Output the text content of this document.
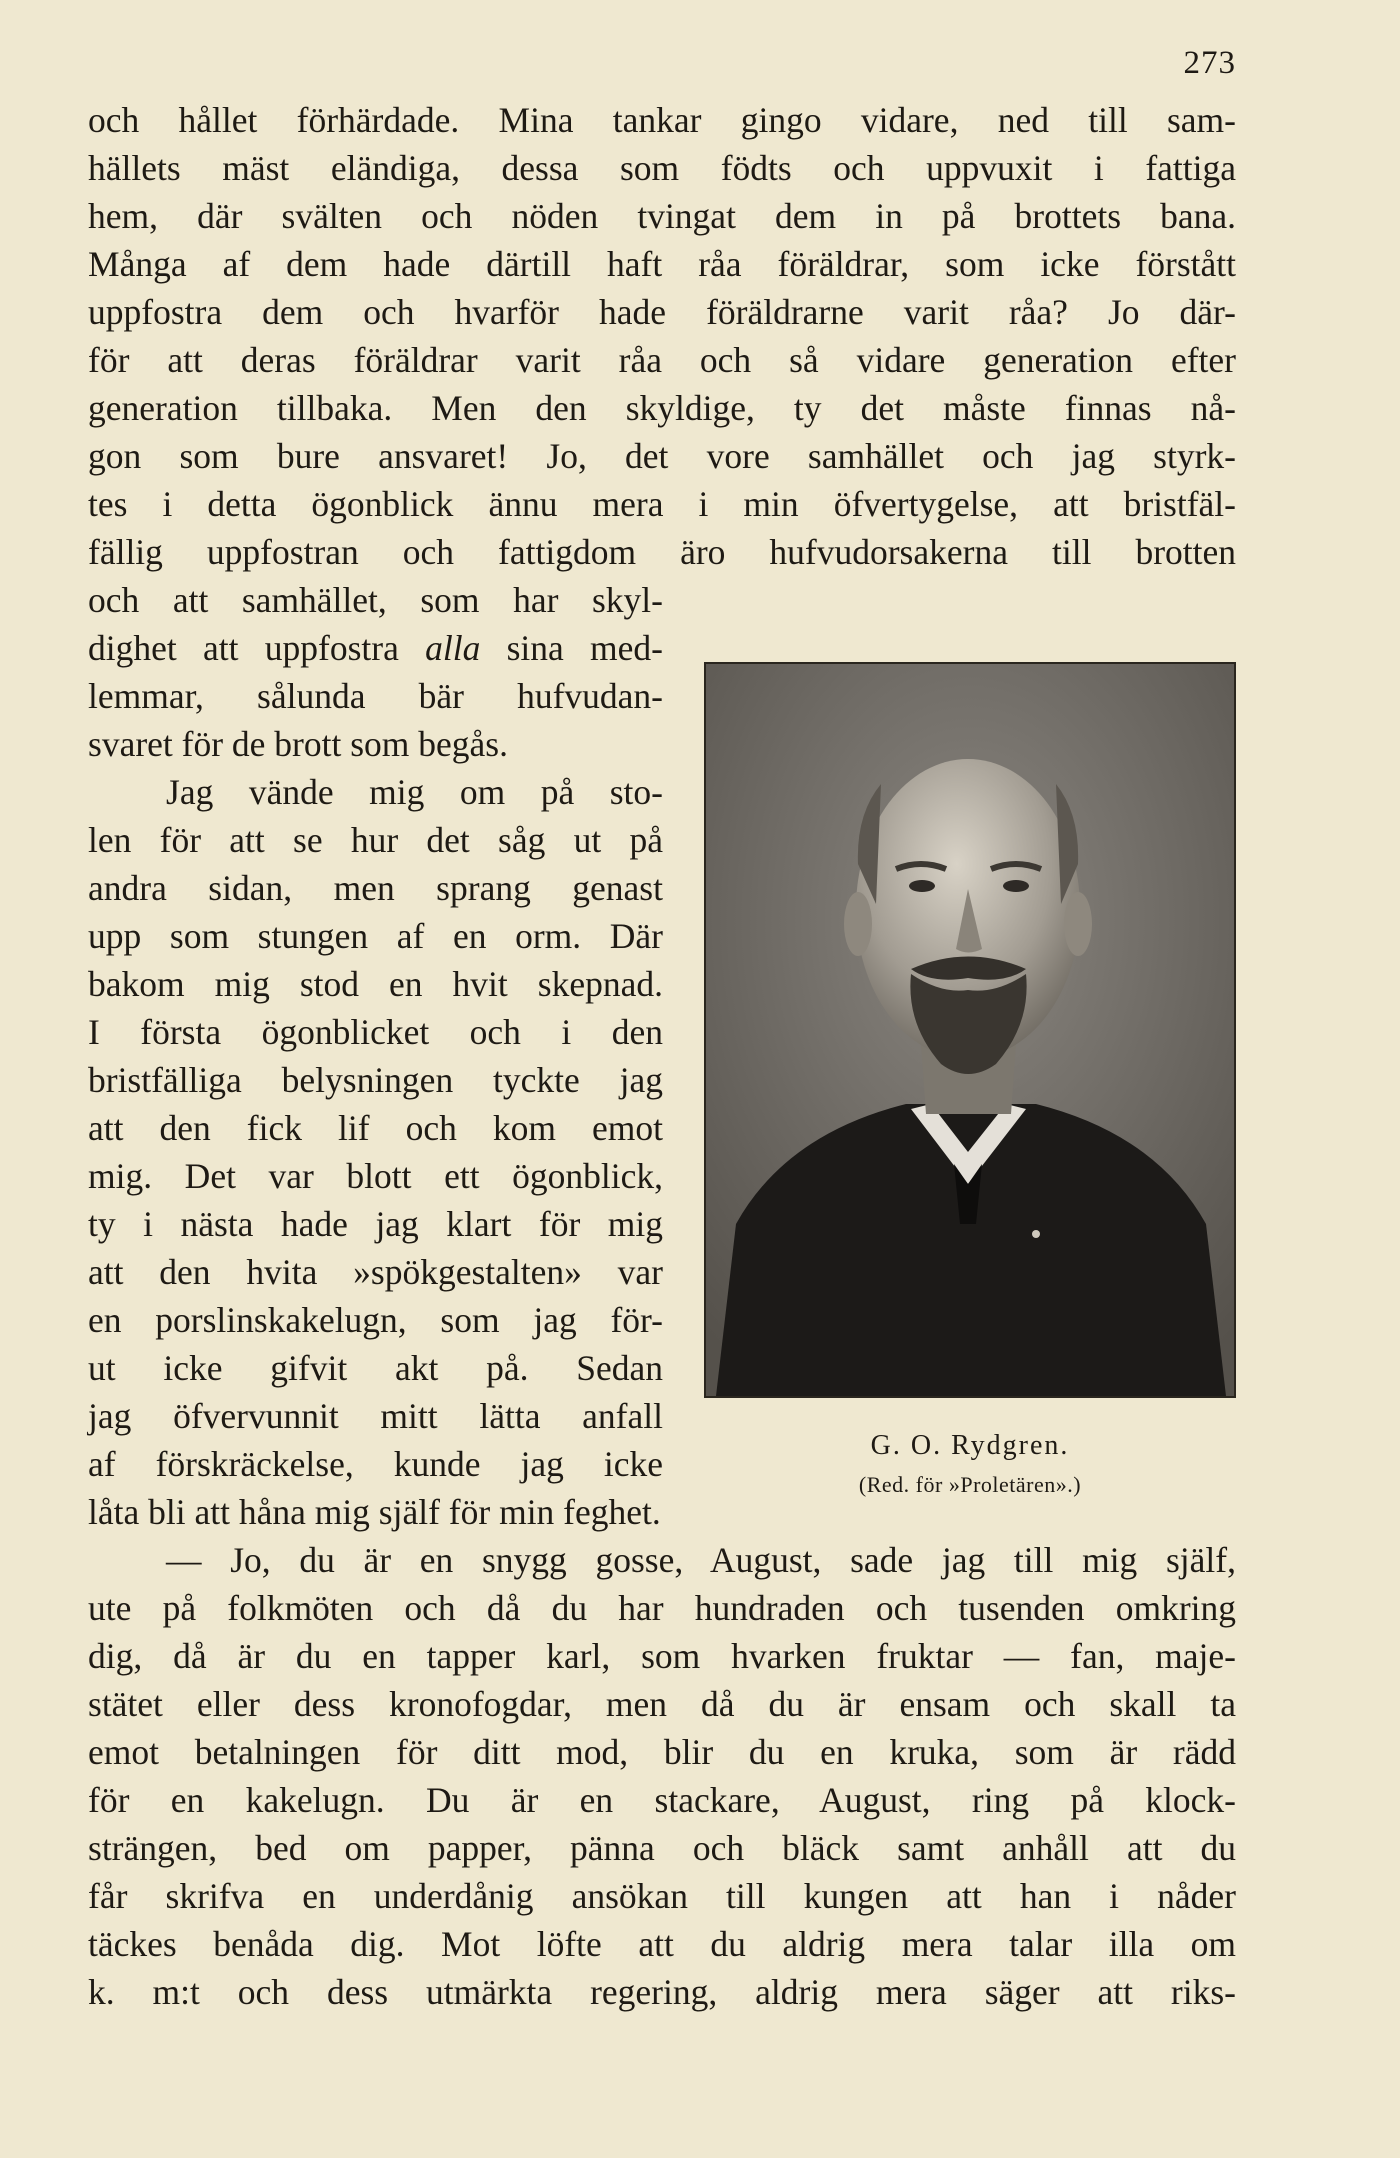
273
och hållet förhärdade. Mina tankar gingo vidare, ned till sam-
hällets mäst eländiga, dessa som födts och uppvuxit i fattiga
hem, där svälten och nöden tvingat dem in på brottets bana.
Många af dem hade därtill haft råa föräldrar, som icke förstått
uppfostra dem och hvarför hade föräldrarne varit råa? Jo där-
för att deras föräldrar varit råa och så vidare generation efter
generation tillbaka. Men den skyldige, ty det måste finnas nå-
gon som bure ansvaret! Jo, det vore samhället och jag styrk-
tes i detta ögonblick ännu mera i min öfvertygelse, att bristfäl-
fällig uppfostran och fattigdom äro hufvudorsakerna till brotten
och att samhället, som har skyl-
dighet att uppfostra alla sina med-
lemmar, sålunda bär hufvudan-
svaret för de brott som begås.
Jag vände mig om på sto-
len för att se hur det såg ut på
andra sidan, men sprang genast
upp som stungen af en orm. Där
bakom mig stod en hvit skepnad.
I första ögonblicket och i den
bristfälliga belysningen tyckte jag
att den fick lif och kom emot
mig. Det var blott ett ögonblick,
ty i nästa hade jag klart för mig
att den hvita »spökgestalten» var
en porslinskakelugn, som jag för-
ut icke gifvit akt på. Sedan
jag öfvervunnit mitt lätta anfall
af förskräckelse, kunde jag icke
låta bli att håna mig själf för min feghet.
— Jo, du är en snygg gosse, August, sade jag till mig själf,
ute på folkmöten och då du har hundraden och tusenden omkring
dig, då är du en tapper karl, som hvarken fruktar — fan, maje-
stätet eller dess kronofogdar, men då du är ensam och skall ta
emot betalningen för ditt mod, blir du en kruka, som är rädd
för en kakelugn. Du är en stackare, August, ring på klock-
strängen, bed om papper, pänna och bläck samt anhåll att du
får skrifva en underdånig ansökan till kungen att han i nåder
täckes benåda dig. Mot löfte att du aldrig mera talar illa om
k. m:t och dess utmärkta regering, aldrig mera säger att riks-
G. O. Rydgren.
(Red. för »Proletären».)
